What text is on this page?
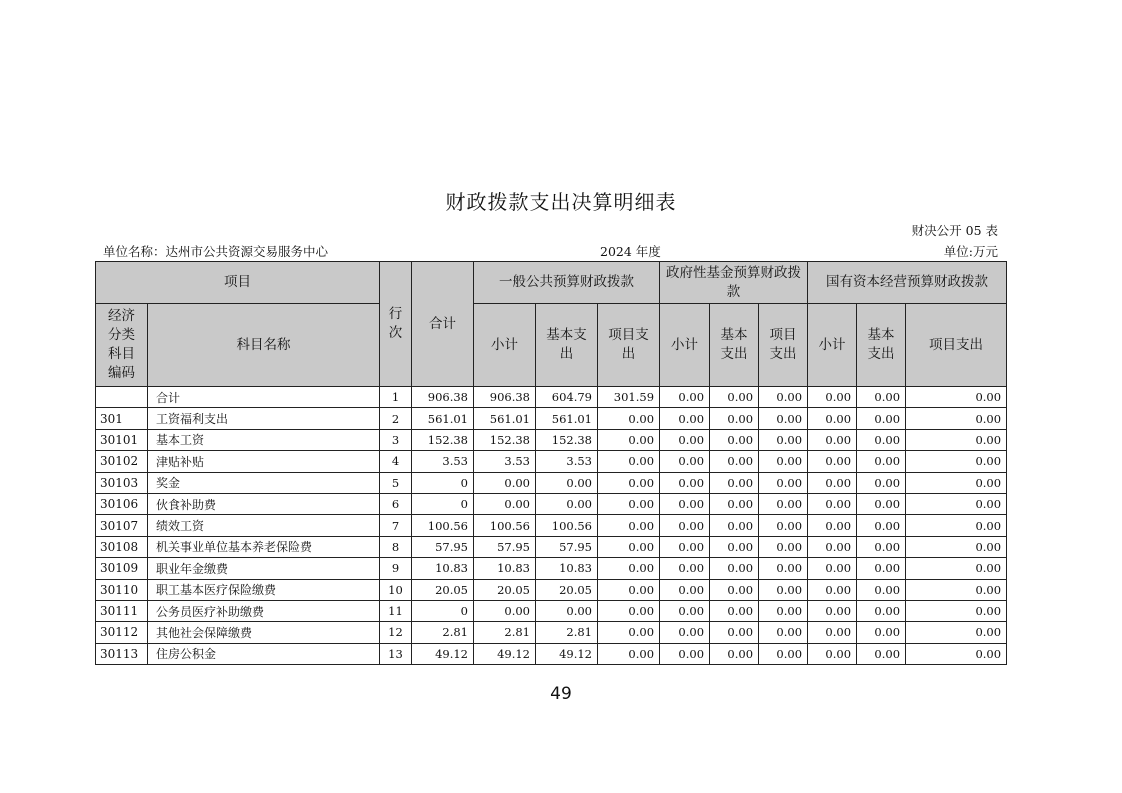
财政拨款支出决算明细表
财决公开 05 表
单位名称：达州市公共资源交易服务中心	2024 年度	单位:万元
项目		行次	合计	一般公共预算财政拨款			政府性基金预算财政拨款			国有资本经营预算财政拨款		
经济分类科目编码	科目名称			小计	基本支出	项目支出	小计	基本支出	项目支出	小计	基本支出	项目支出
	合计	1	906.38	906.38	604.79	301.59	0.00	0.00	0.00	0.00	0.00	0.00
301	工资福利支出	2	561.01	561.01	561.01	0.00	0.00	0.00	0.00	0.00	0.00	0.00
30101	基本工资	3	152.38	152.38	152.38	0.00	0.00	0.00	0.00	0.00	0.00	0.00
30102	津贴补贴	4	3.53	3.53	3.53	0.00	0.00	0.00	0.00	0.00	0.00	0.00
30103	奖金	5	0	0.00	0.00	0.00	0.00	0.00	0.00	0.00	0.00	0.00
30106	伙食补助费	6	0	0.00	0.00	0.00	0.00	0.00	0.00	0.00	0.00	0.00
30107	绩效工资	7	100.56	100.56	100.56	0.00	0.00	0.00	0.00	0.00	0.00	0.00
30108	机关事业单位基本养老保险费	8	57.95	57.95	57.95	0.00	0.00	0.00	0.00	0.00	0.00	0.00
30109	职业年金缴费	9	10.83	10.83	10.83	0.00	0.00	0.00	0.00	0.00	0.00	0.00
30110	职工基本医疗保险缴费	10	20.05	20.05	20.05	0.00	0.00	0.00	0.00	0.00	0.00	0.00
30111	公务员医疗补助缴费	11	0	0.00	0.00	0.00	0.00	0.00	0.00	0.00	0.00	0.00
30112	其他社会保障缴费	12	2.81	2.81	2.81	0.00	0.00	0.00	0.00	0.00	0.00	0.00
30113	住房公积金	13	49.12	49.12	49.12	0.00	0.00	0.00	0.00	0.00	0.00	0.00
49
